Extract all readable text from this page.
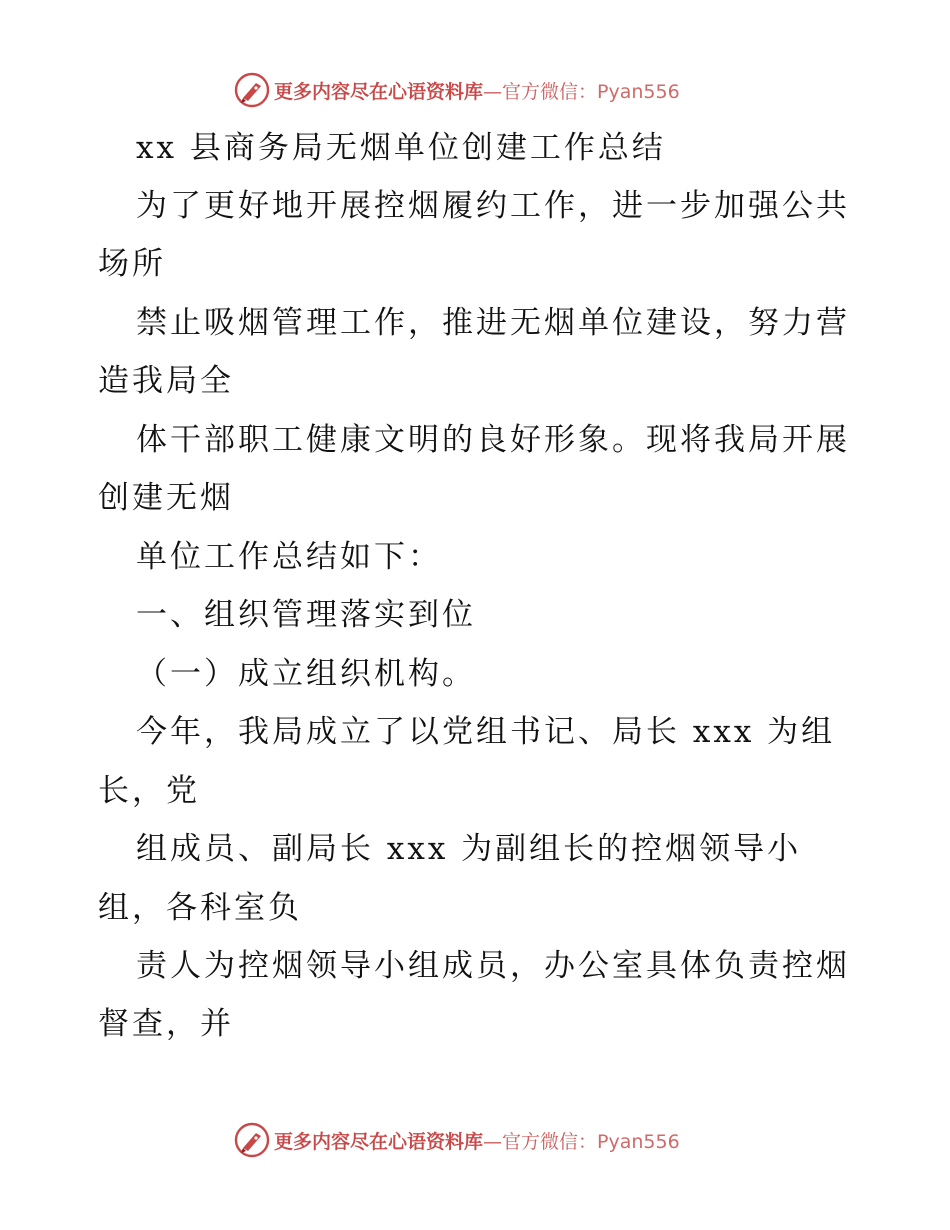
更多内容尽在心语资料库—官方微信：Pyan556
xx 县商务局无烟单位创建工作总结
为了更好地开展控烟履约工作，进一步加强公共
场所
禁止吸烟管理工作，推进无烟单位建设，努力营
造我局全
体干部职工健康文明的良好形象。现将我局开展
创建无烟
单位工作总结如下：
一、组织管理落实到位
（一）成立组织机构。
今年，我局成立了以党组书记、局长 xxx 为组
长，党
组成员、副局长 xxx 为副组长的控烟领导小
组，各科室负
责人为控烟领导小组成员，办公室具体负责控烟
督查，并
更多内容尽在心语资料库—官方微信：Pyan556
